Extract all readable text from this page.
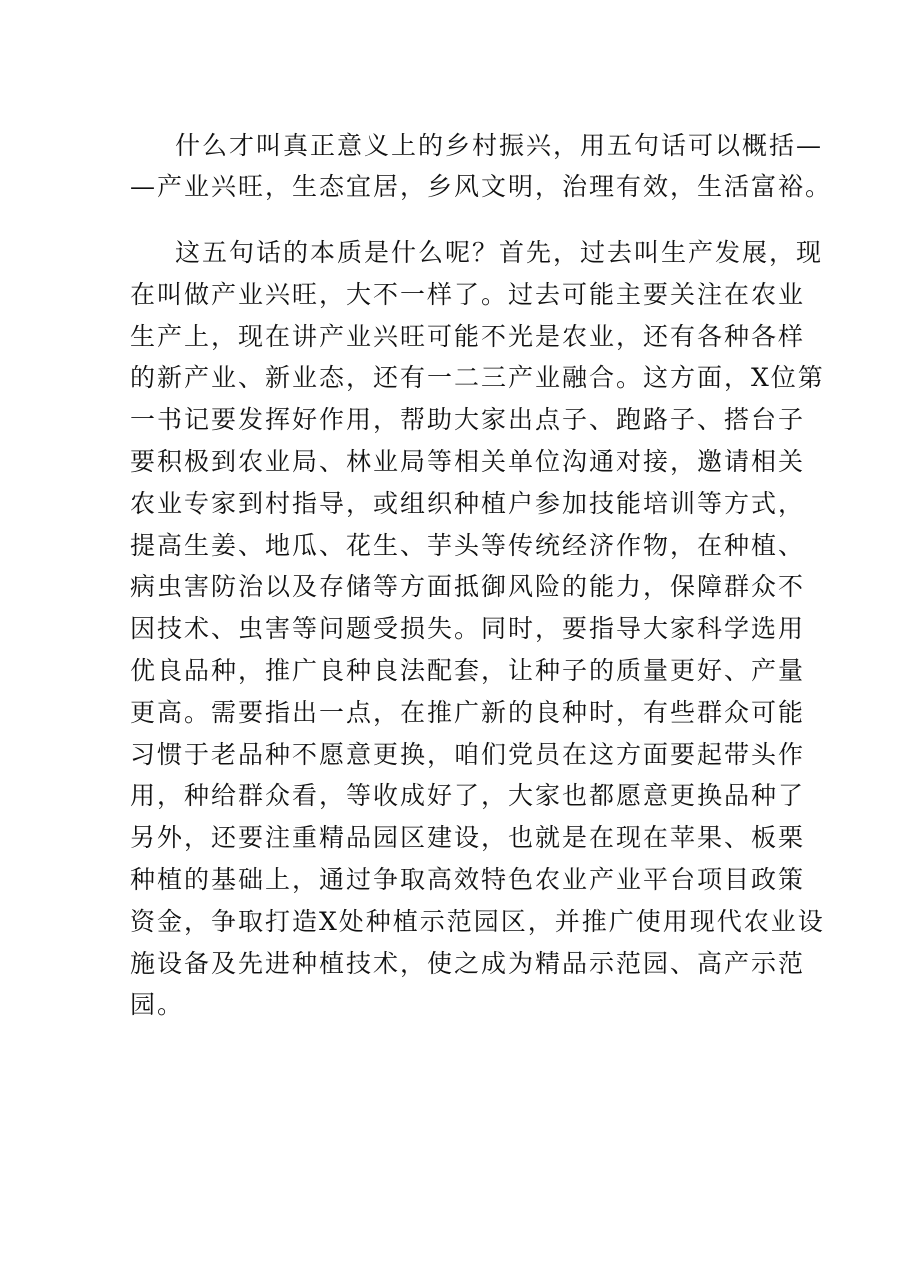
什么才叫真正意义上的乡村振兴，用五句话可以概括—
—产业兴旺，生态宜居，乡风文明，治理有效，生活富裕。
这五句话的本质是什么呢？首先，过去叫生产发展，现
在叫做产业兴旺，大不一样了。过去可能主要关注在农业
生产上，现在讲产业兴旺可能不光是农业，还有各种各样
的新产业、新业态，还有一二三产业融合。这方面，X位第
一书记要发挥好作用，帮助大家出点子、跑路子、搭台子
要积极到农业局、林业局等相关单位沟通对接，邀请相关
农业专家到村指导，或组织种植户参加技能培训等方式，
提高生姜、地瓜、花生、芋头等传统经济作物，在种植、
病虫害防治以及存储等方面抵御风险的能力，保障群众不
因技术、虫害等问题受损失。同时，要指导大家科学选用
优良品种，推广良种良法配套，让种子的质量更好、产量
更高。需要指出一点，在推广新的良种时，有些群众可能
习惯于老品种不愿意更换，咱们党员在这方面要起带头作
用，种给群众看，等收成好了，大家也都愿意更换品种了
另外，还要注重精品园区建设，也就是在现在苹果、板栗
种植的基础上，通过争取高效特色农业产业平台项目政策
资金，争取打造X处种植示范园区，并推广使用现代农业设
施设备及先进种植技术，使之成为精品示范园、高产示范
园。
